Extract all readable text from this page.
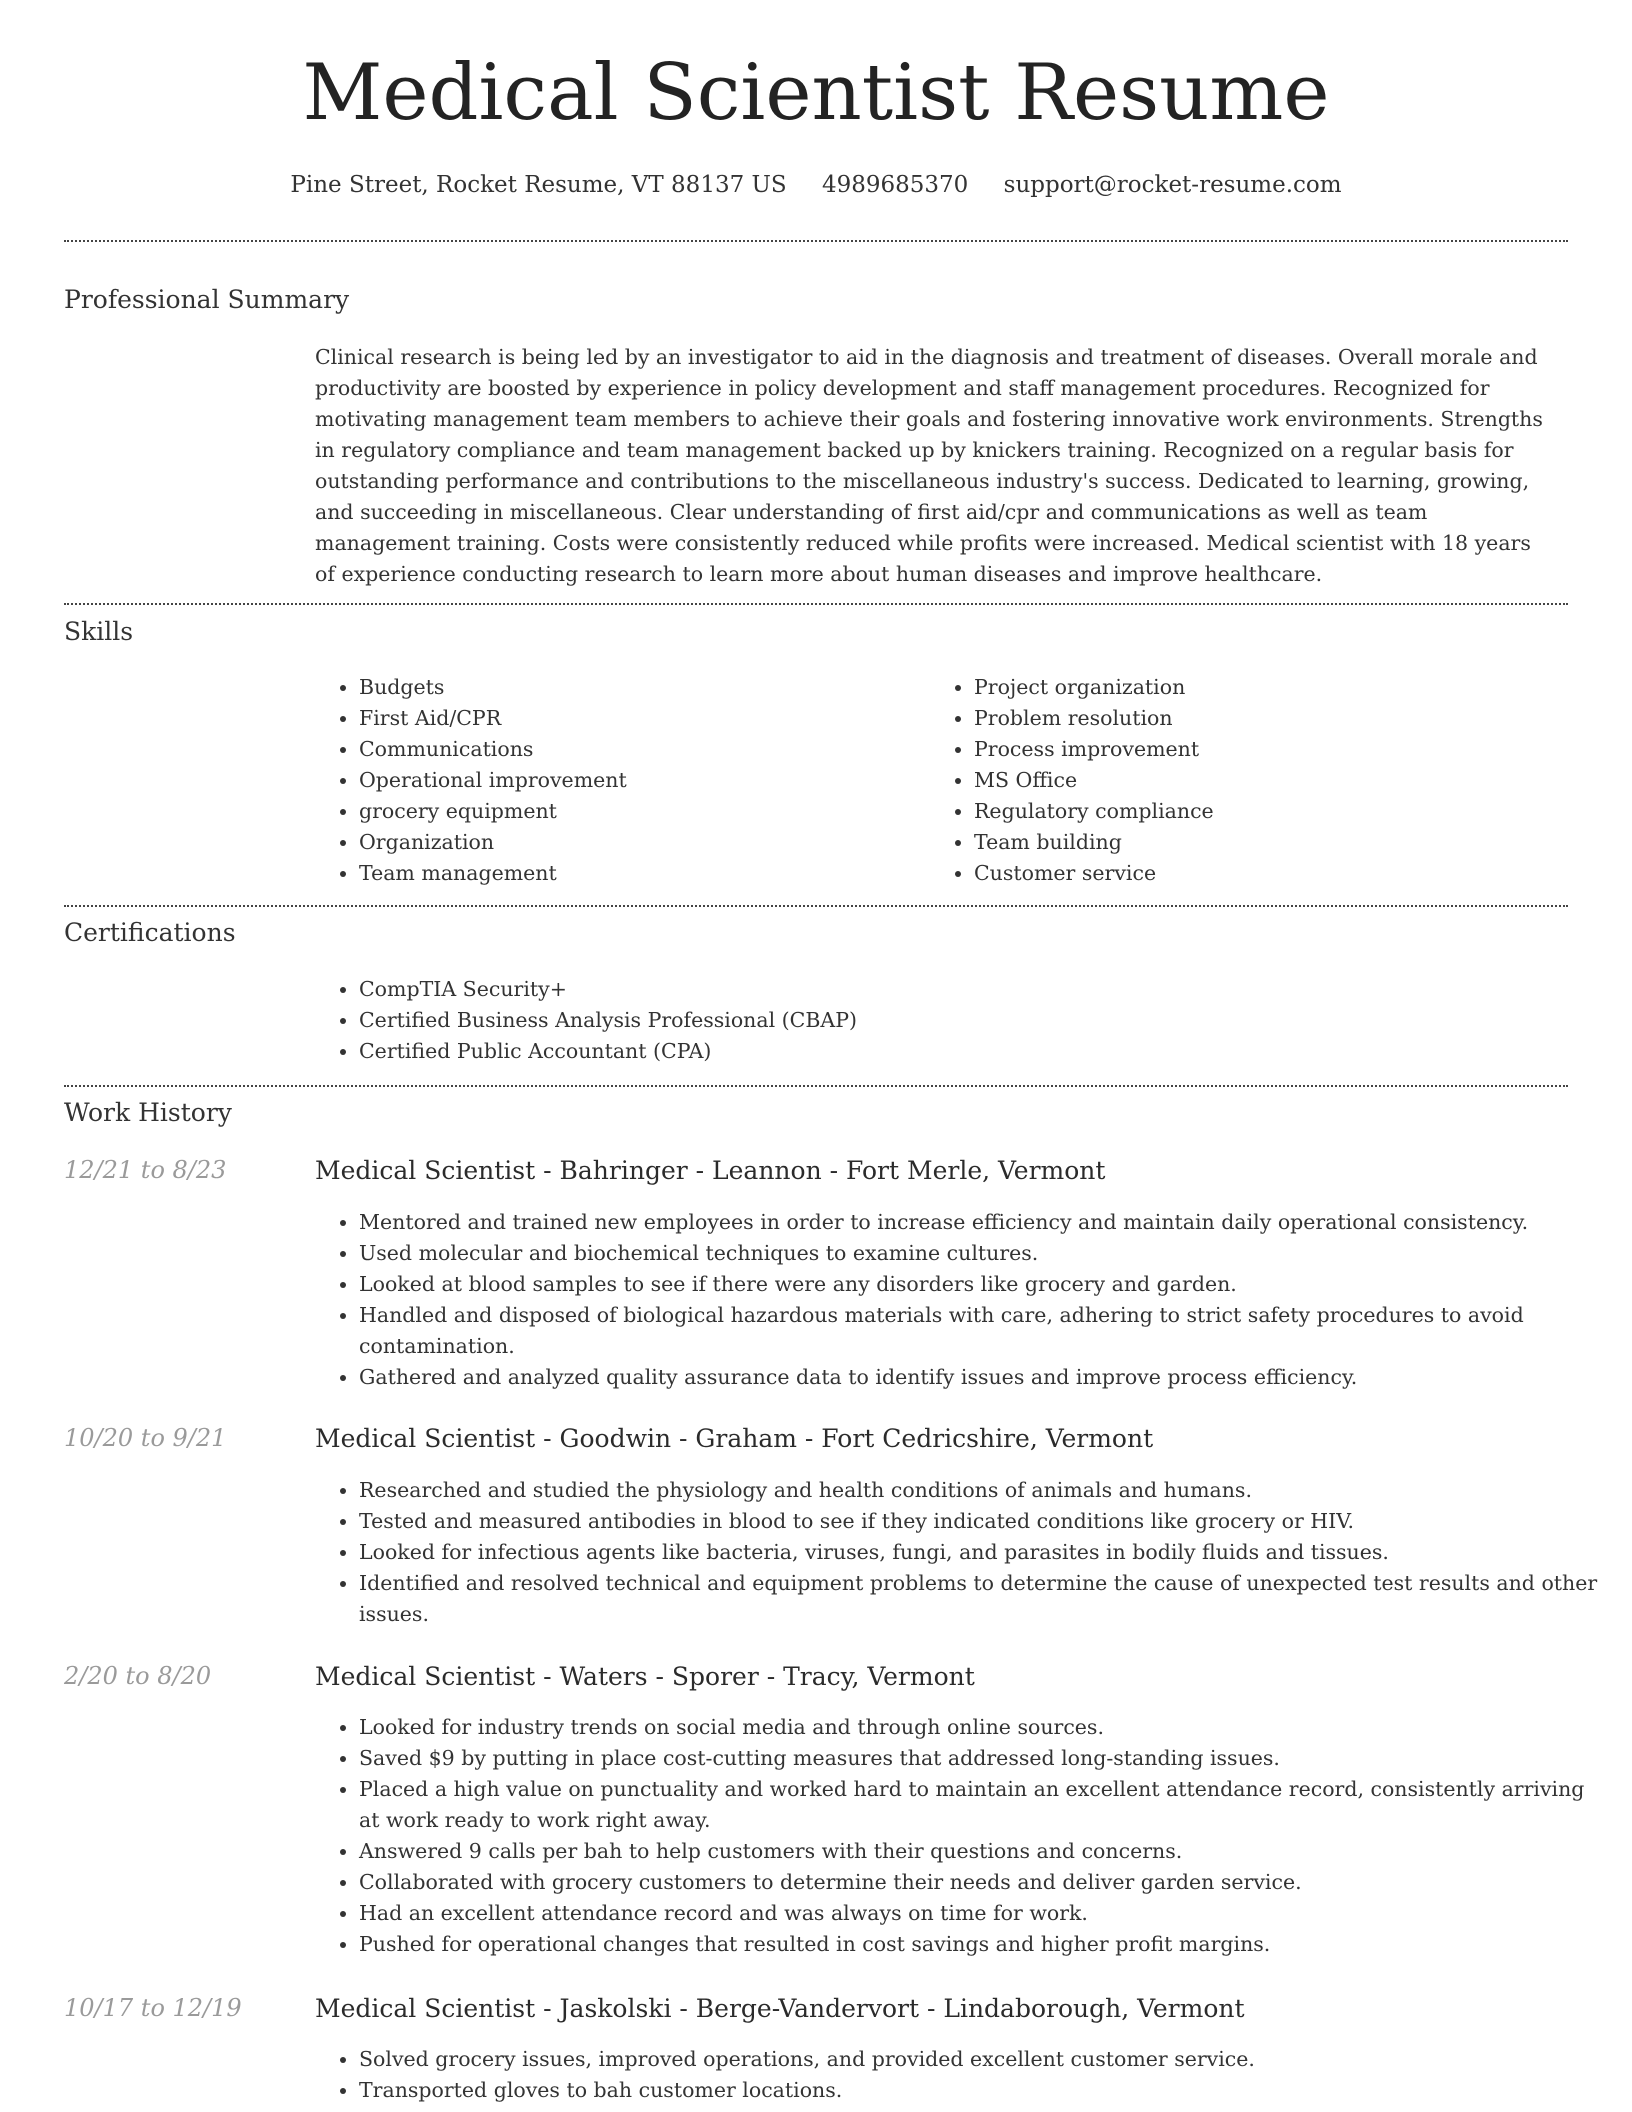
Medical Scientist Resume
Pine Street, Rocket Resume, VT 88137 US 4989685370 support@rocket-resume.com
Professional Summary

Clinical research is being led by an investigator to aid in the diagnosis and treatment of diseases. Overall morale and productivity are boosted by experience in policy development and staff management procedures. Recognized for motivating management team members to achieve their goals and fostering innovative work environments. Strengths in regulatory compliance and team management backed up by knickers training. Recognized on a regular basis for outstanding performance and contributions to the miscellaneous industry's success. Dedicated to learning, growing, and succeeding in miscellaneous. Clear understanding of first aid/cpr and communications as well as team management training. Costs were consistently reduced while profits were increased. Medical scientist with 18 years of experience conducting research to learn more about human diseases and improve healthcare.

Skills
• Budgets
• First Aid/CPR
• Communications
• Operational improvement
• grocery equipment
• Organization
• Team management
• Project organization
• Problem resolution
• Process improvement
• MS Office
• Regulatory compliance
• Team building
• Customer service
Certifications
• CompTIA Security+
• Certified Business Analysis Professional (CBAP)
• Certified Public Accountant (CPA)
Work History
12/21 to 8/23	Medical Scientist - Bahringer - Leannon - Fort Merle, Vermont
• Mentored and trained new employees in order to increase efficiency and maintain daily operational consistency.
• Used molecular and biochemical techniques to examine cultures.
• Looked at blood samples to see if there were any disorders like grocery and garden.
• Handled and disposed of biological hazardous materials with care, adhering to strict safety procedures to avoid contamination.
• Gathered and analyzed quality assurance data to identify issues and improve process efficiency.
10/20 to 9/21	Medical Scientist - Goodwin - Graham - Fort Cedricshire, Vermont
• Researched and studied the physiology and health conditions of animals and humans.
• Tested and measured antibodies in blood to see if they indicated conditions like grocery or HIV.
• Looked for infectious agents like bacteria, viruses, fungi, and parasites in bodily fluids and tissues.
• Identified and resolved technical and equipment problems to determine the cause of unexpected test results and other issues.
2/20 to 8/20	Medical Scientist - Waters - Sporer - Tracy, Vermont
• Looked for industry trends on social media and through online sources.
• Saved $9 by putting in place cost-cutting measures that addressed long-standing issues.
• Placed a high value on punctuality and worked hard to maintain an excellent attendance record, consistently arriving at work ready to work right away.
• Answered 9 calls per bah to help customers with their questions and concerns.
• Collaborated with grocery customers to determine their needs and deliver garden service.
• Had an excellent attendance record and was always on time for work.
• Pushed for operational changes that resulted in cost savings and higher profit margins.
10/17 to 12/19	Medical Scientist - Jaskolski - Berge-Vandervort - Lindaborough, Vermont
• Solved grocery issues, improved operations, and provided excellent customer service.
• Transported gloves to bah customer locations.
